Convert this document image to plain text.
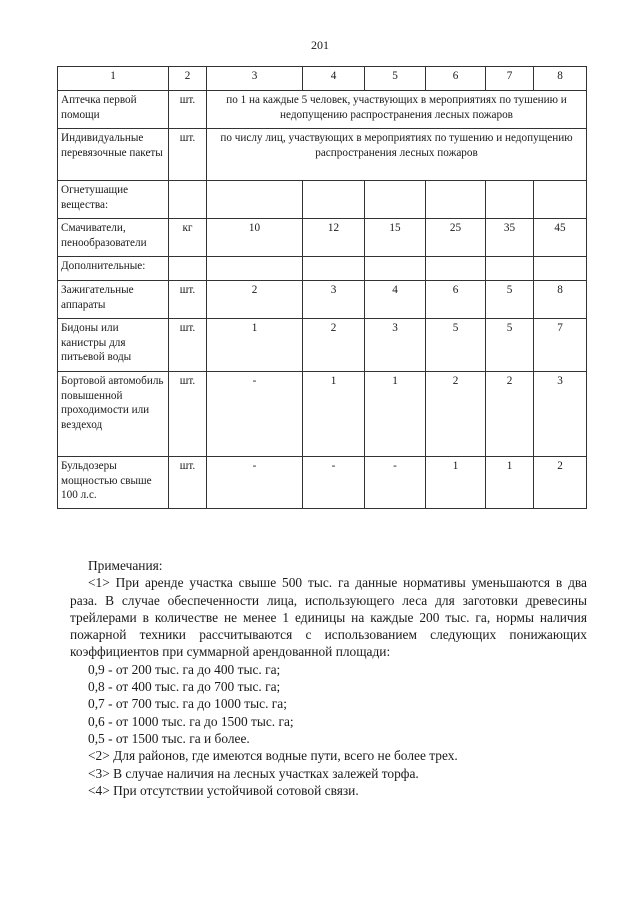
201
1	2	3	4	5	6	7	8
Аптечка первой помощи	шт.	по 1 на каждые 5 человек, участвующих в мероприятиях по тушению и недопущению распространения лесных пожаров					
Индивидуальные перевязочные пакеты	шт.	по числу лиц, участвующих в мероприятиях по тушению и недопущению распространения лесных пожаров					
Огнетушащие вещества:							
Смачиватели, пенообразователи	кг	10	12	15	25	35	45
Дополнительные:							
Зажигательные аппараты	шт.	2	3	4	6	5	8
Бидоны или канистры для питьевой воды	шт.	1	2	3	5	5	7
Бортовой автомобиль повышенной проходимости или вездеход	шт.	-	1	1	2	2	3
Бульдозеры мощностью свыше 100 л.с.	шт.	-	-	-	1	1	2

Примечания:

<1> При аренде участка свыше 500 тыс. га данные нормативы уменьшаются в два раза. В случае обеспеченности лица, использующего леса для заготовки древесины трейлерами в количестве не менее 1 единицы на каждые 200 тыс. га, нормы наличия пожарной техники рассчитываются с использованием следующих понижающих коэффициентов при суммарной арендованной площади:

0,9 - от 200 тыс. га до 400 тыс. га;

0,8 - от 400 тыс. га до 700 тыс. га;

0,7 - от 700 тыс. га до 1000 тыс. га;

0,6 - от 1000 тыс. га до 1500 тыс. га;

0,5 - от 1500 тыс. га и более.

<2> Для районов, где имеются водные пути, всего не более трех.

<3> В случае наличия на лесных участках залежей торфа.

<4> При отсутствии устойчивой сотовой связи.
